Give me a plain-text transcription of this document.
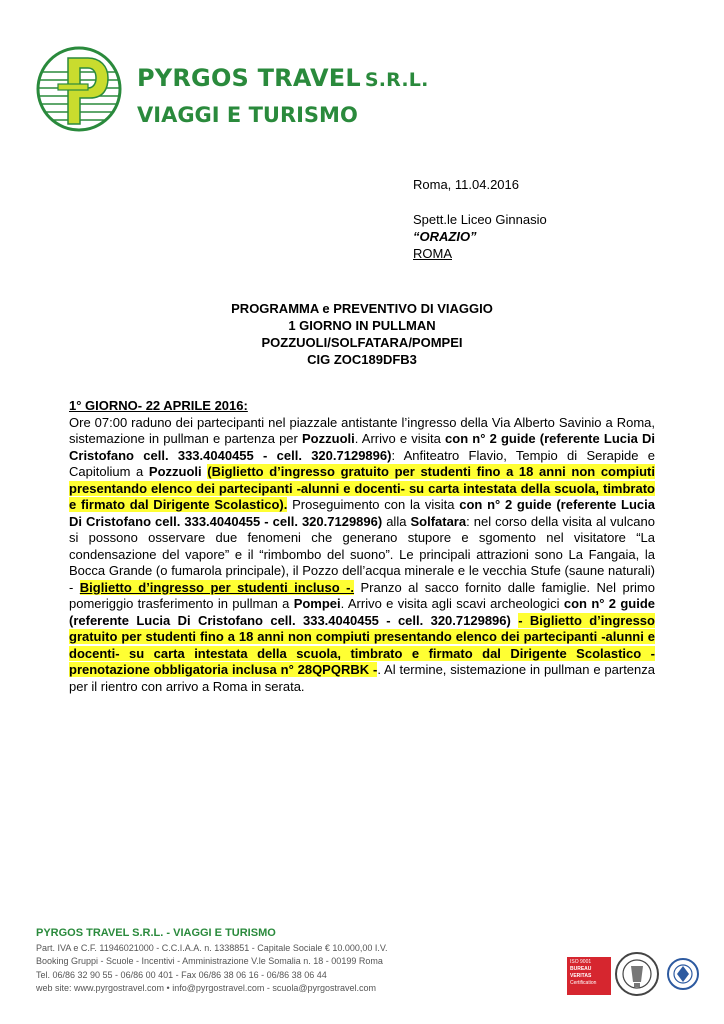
PYRGOS TRAVEL S.R.L.
VIAGGI E TURISMO
Roma, 11.04.2016
Spett.le Liceo Ginnasio
“ORAZIO”
ROMA
PROGRAMMA e PREVENTIVO DI VIAGGIO
1 GIORNO IN PULLMAN
POZZUOLI/SOLFATARA/POMPEI
CIG ZOC189DFB3
1° GIORNO- 22 APRILE 2016:
Ore 07:00 raduno dei partecipanti nel piazzale antistante l’ingresso della Via Alberto Savinio a Roma, sistemazione in pullman e partenza per Pozzuoli. Arrivo e visita con n° 2 guide (referente Lucia Di Cristofano cell. 333.4040455 - cell. 320.7129896): Anfiteatro Flavio, Tempio di Serapide e Capitolium a Pozzuoli (Biglietto d’ingresso gratuito per studenti fino a 18 anni non compiuti presentando elenco dei partecipanti -alunni e docenti- su carta intestata della scuola, timbrato e firmato dal Dirigente Scolastico). Proseguimento con la visita con n° 2 guide (referente Lucia Di Cristofano cell. 333.4040455 - cell. 320.7129896) alla Solfatara: nel corso della visita al vulcano si possono osservare due fenomeni che generano stupore e sgomento nel visitatore “La condensazione del vapore” e il “rimbombo del suono”. Le principali attrazioni sono La Fangaia, la Bocca Grande (o fumarola principale), il Pozzo dell’acqua minerale e le vecchia Stufe (saune naturali) - Biglietto d’ingresso per studenti incluso -. Pranzo al sacco fornito dalle famiglie. Nel primo pomeriggio trasferimento in pullman a Pompei. Arrivo e visita agli scavi archeologici con n° 2 guide (referente Lucia Di Cristofano cell. 333.4040455 - cell. 320.7129896) - Biglietto d’ingresso gratuito per studenti fino a 18 anni non compiuti presentando elenco dei partecipanti -alunni e docenti- su carta intestata della scuola, timbrato e firmato dal Dirigente Scolastico - prenotazione obbligatoria inclusa n° 28QPQRBK -. Al termine, sistemazione in pullman e partenza per il rientro con arrivo a Roma in serata.
PYRGOS TRAVEL S.R.L. - VIAGGI E TURISMO
Part. IVA e C.F. 11946021000 - C.C.I.A.A. n. 1338851 - Capitale Sociale € 10.000,00 I.V.
Booking Gruppi - Scuole - Incentivi - Amministrazione V.le Somalia n. 18 - 00199 Roma
Tel. 06/86 32 90 55 - 06/86 00 401 - Fax 06/86 38 06 16 - 06/86 38 06 44
web site: www.pyrgostravel.com • info@pyrgostravel.com - scuola@pyrgostravel.com
ISO 9001
BUREAU VERITAS
Certification
